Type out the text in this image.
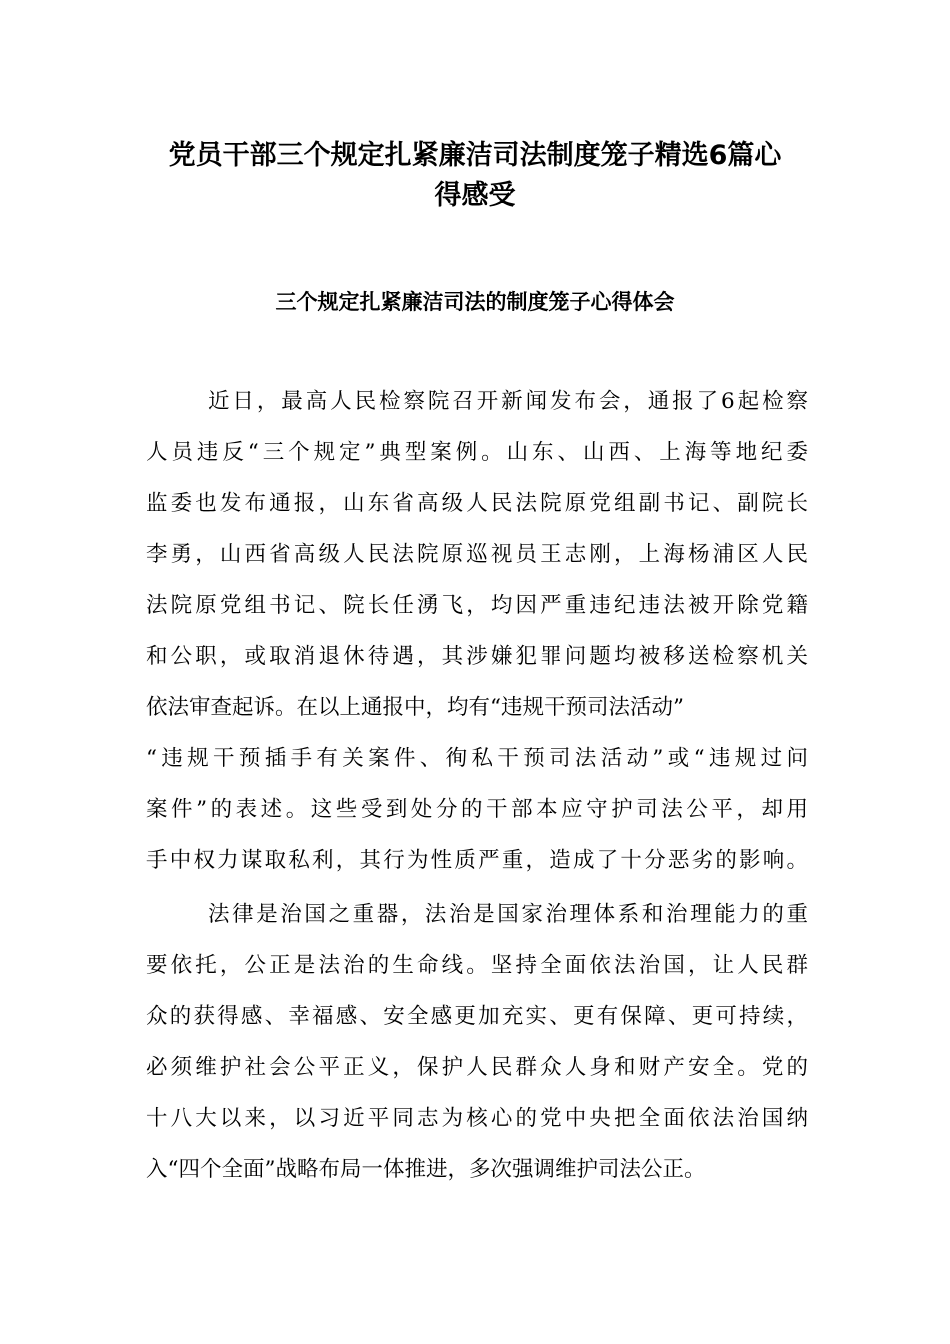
党员干部三个规定扎紧廉洁司法制度笼子精选6篇心
得感受
三个规定扎紧廉洁司法的制度笼子心得体会
近日，最高人民检察院召开新闻发布会，通报了6起检察
人员违反“三个规定”典型案例。山东、山西、上海等地纪委
监委也发布通报，山东省高级人民法院原党组副书记、副院长
李勇，山西省高级人民法院原巡视员王志刚，上海杨浦区人民
法院原党组书记、院长任湧飞，均因严重违纪违法被开除党籍
和公职，或取消退休待遇，其涉嫌犯罪问题均被移送检察机关
依法审查起诉。在以上通报中，均有“违规干预司法活动”
“违规干预插手有关案件、徇私干预司法活动”或“违规过问
案件”的表述。这些受到处分的干部本应守护司法公平，却用
手中权力谋取私利，其行为性质严重，造成了十分恶劣的影响。
法律是治国之重器，法治是国家治理体系和治理能力的重
要依托，公正是法治的生命线。坚持全面依法治国，让人民群
众的获得感、幸福感、安全感更加充实、更有保障、更可持续，
必须维护社会公平正义，保护人民群众人身和财产安全。党的
十八大以来，以习近平同志为核心的党中央把全面依法治国纳
入“四个全面”战略布局一体推进，多次强调维护司法公正。
